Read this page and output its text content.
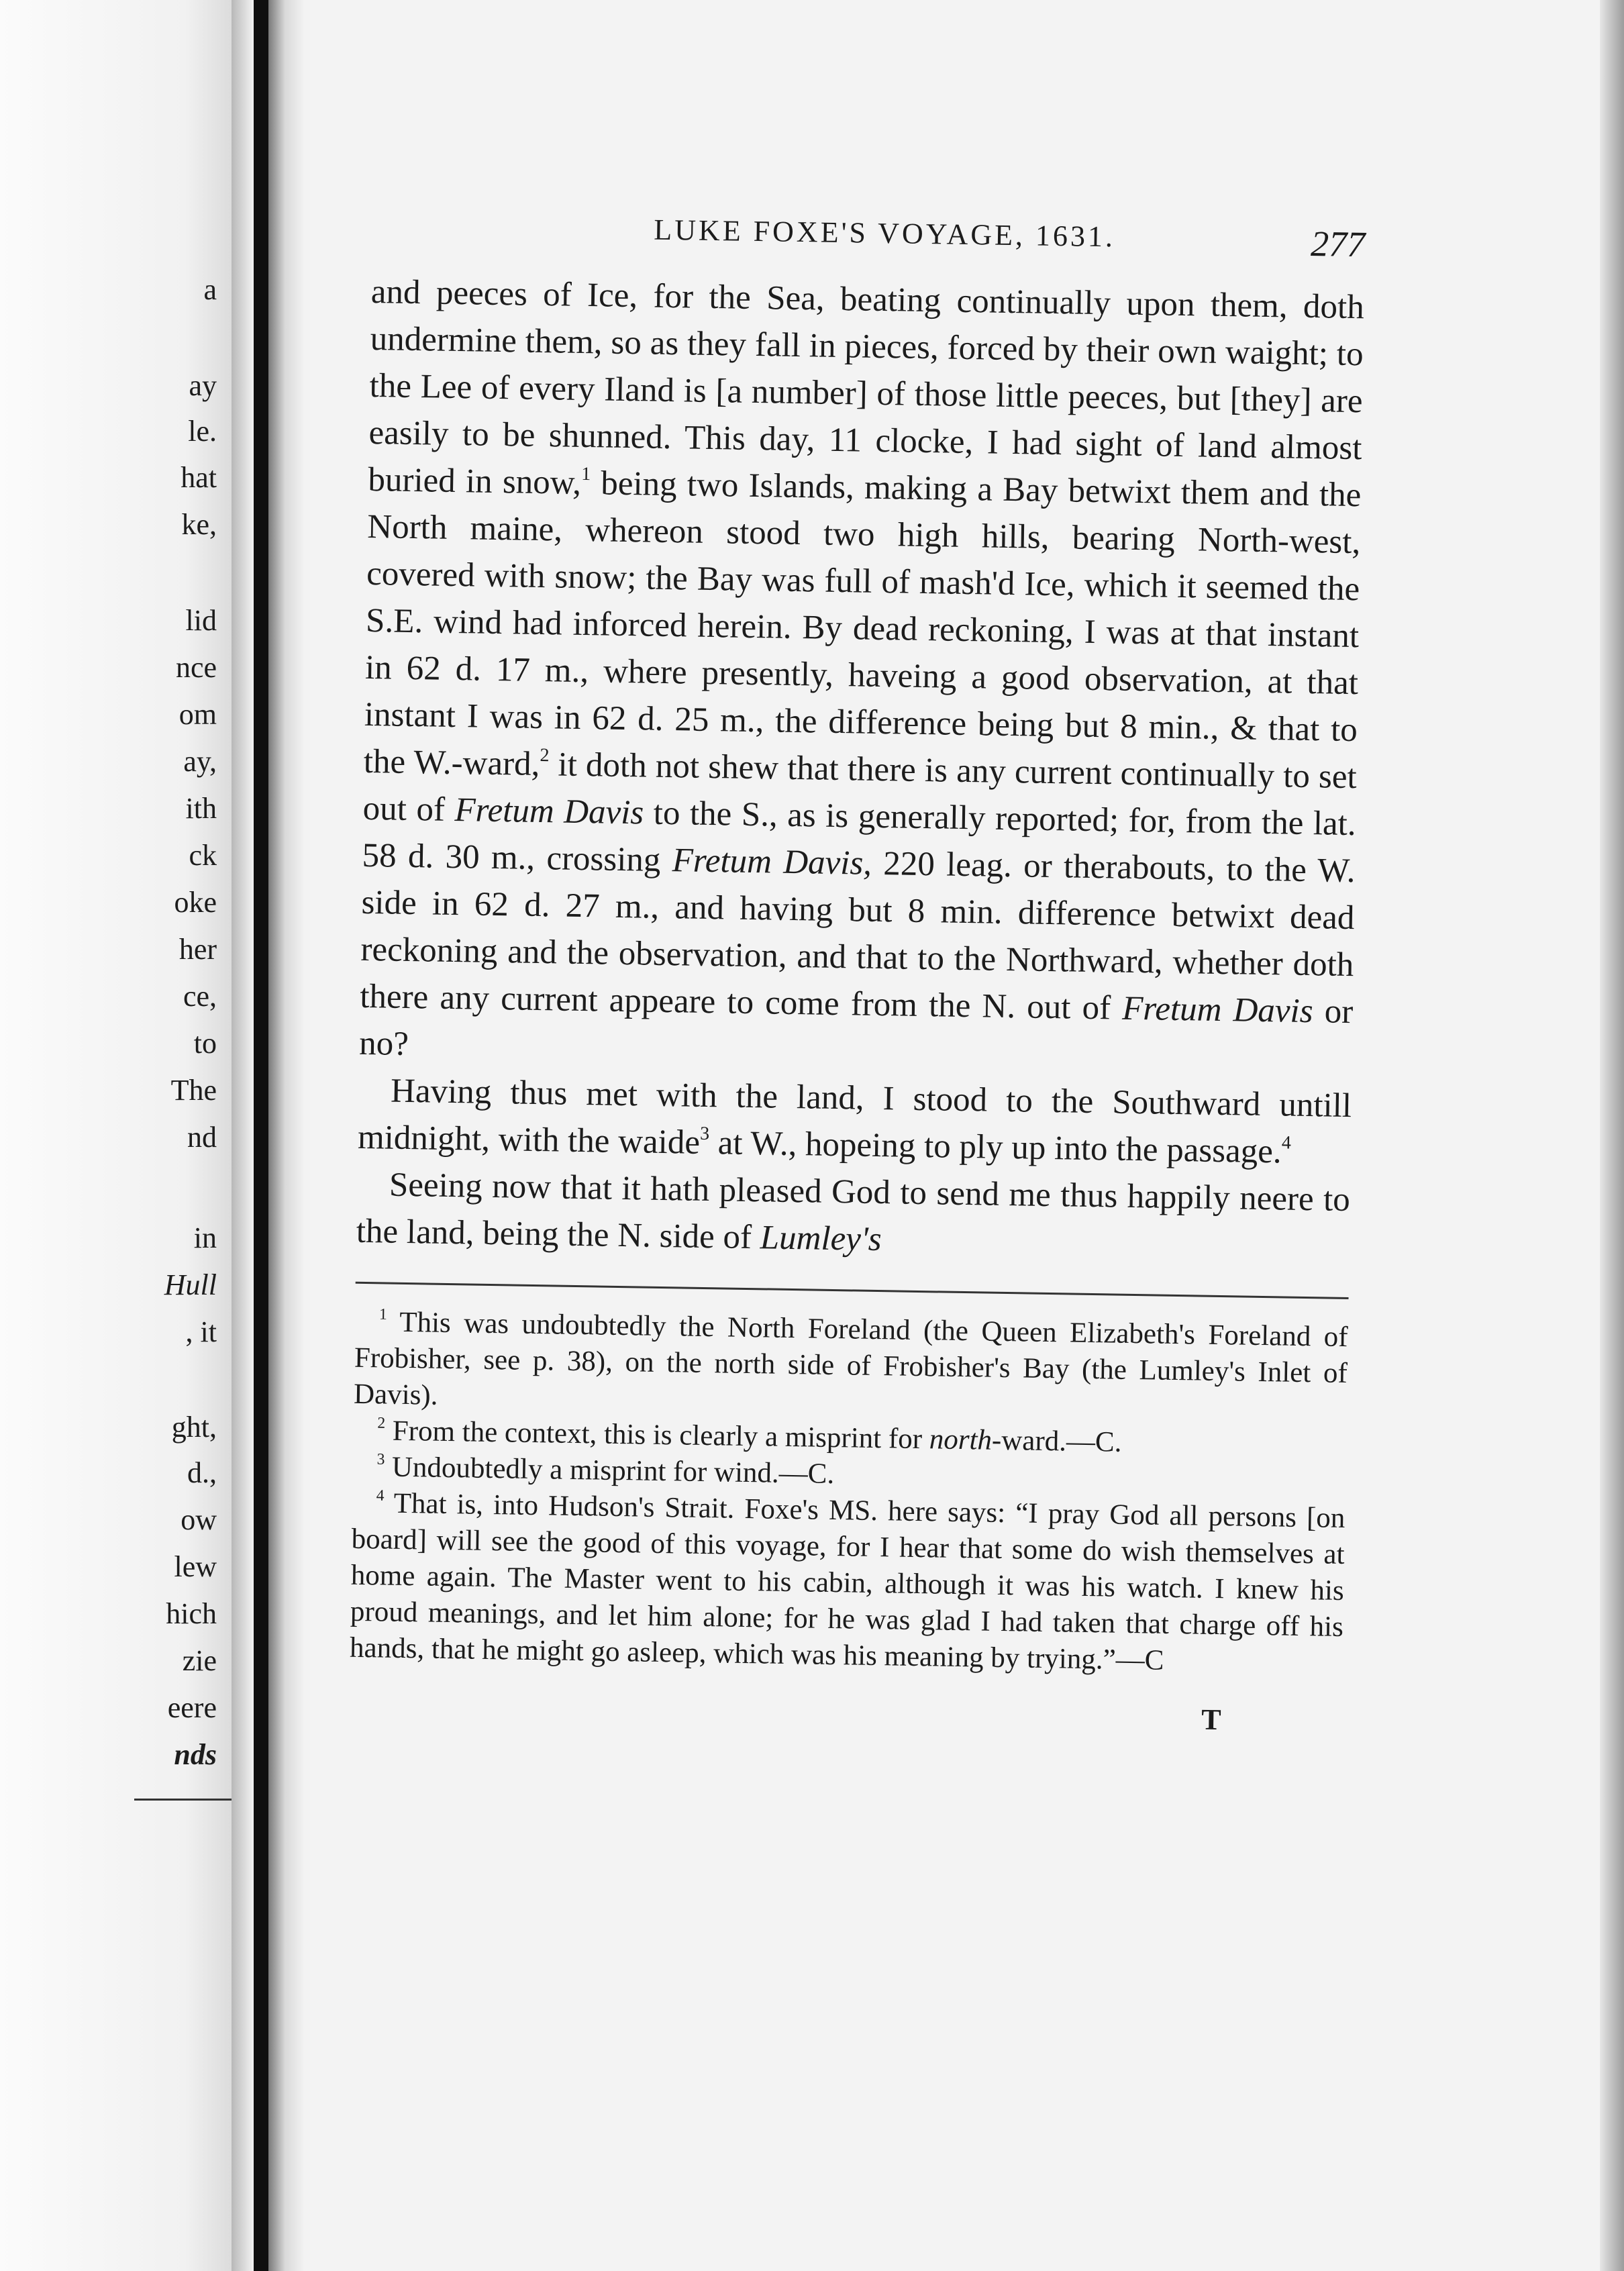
a
ay
le.
hat
ke,
lid
nce
om
ay,
ith
ck
oke
her
ce,
to
The
nd
in
Hull
, it
ght,
d.,
ow
lew
hich
zie
eere
nds
LUKE FOXE'S VOYAGE, 1631.	277

and peeces of Ice, for the Sea, beating continually upon them, doth undermine them, so as they fall in pieces, forced by their own waight; to the Lee of every Iland is [a number] of those little peeces, but [they] are easily to be shunned. This day, 11 clocke, I had sight of land almost buried in snow,$^1$ being two Islands, making a Bay betwixt them and the North maine, whereon stood two high hills, bearing North-west, covered with snow; the Bay was full of mash'd Ice, which it seemed the S.E. wind had inforced herein. By dead reckoning, I was at that instant in 62 d. 17 m., where presently, haveing a good observation, at that instant I was in 62 d. 25 m., the difference being but 8 min., & that to the W.-ward,$^2$ it doth not shew that there is any current continually to set out of Fretum Davis to the S., as is generally reported; for, from the lat. 58 d. 30 m., crossing Fretum Davis, 220 leag. or therabouts, to the W. side in 62 d. 27 m., and having but 8 min. difference betwixt dead reckoning and the observation, and that to the Northward, whether doth there any current appeare to come from the N. out of Fretum Davis or no?

Having thus met with the land, I stood to the Southward untill midnight, with the waide$^3$ at W., hopeing to ply up into the passage.$^4$

Seeing now that it hath pleased God to send me thus happily neere to the land, being the N. side of Lumley's

$^1$ This was undoubtedly the North Foreland (the Queen Elizabeth's Foreland of Frobisher, see p. 38), on the north side of Frobisher's Bay (the Lumley's Inlet of Davis).

$^2$ From the context, this is clearly a misprint for north-ward.—C.

$^3$ Undoubtedly a misprint for wind.—C.

$^4$ That is, into Hudson's Strait. Foxe's MS. here says: “I pray God all persons [on board] will see the good of this voyage, for I hear that some do wish themselves at home again. The Master went to his cabin, although it was his watch. I knew his proud meanings, and let him alone; for he was glad I had taken that charge off his hands, that he might go asleep, which was his meaning by trying.”—C

T
